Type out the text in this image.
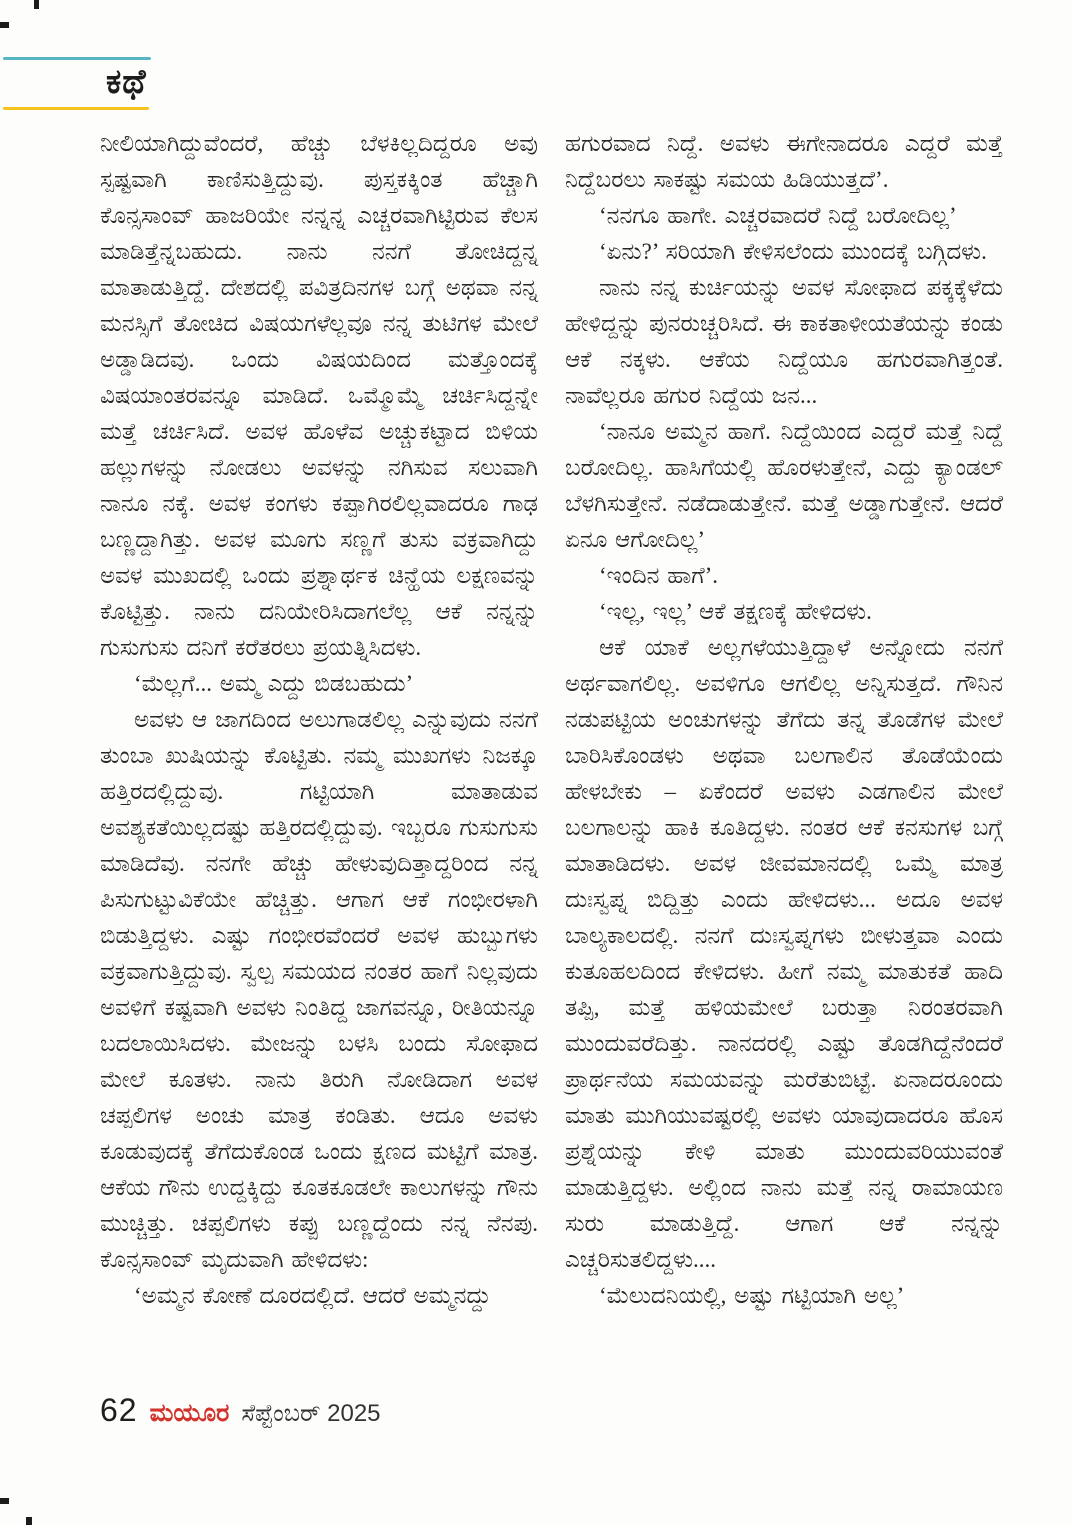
ಕಥೆ

ನೀಲಿಯಾಗಿದ್ದುವೆಂದರೆ, ಹೆಚ್ಚು ಬೆಳಕಿಲ್ಲದಿದ್ದರೂ ಅವು ಸ್ಪಷ್ಟವಾಗಿ ಕಾಣಿಸುತ್ತಿದ್ದುವು. ಪುಸ್ತಕಕ್ಕಿಂತ ಹೆಚ್ಚಾಗಿ ಕೊನ್ಸಸಾಂವ್ ಹಾಜರಿಯೇ ನನ್ನನ್ನ ಎಚ್ಚರವಾಗಿಟ್ಟಿರುವ ಕೆಲಸ ಮಾಡಿತ್ತೆನ್ನಬಹುದು. ನಾನು ನನಗೆ ತೋಚಿದ್ದನ್ನ ಮಾತಾಡುತ್ತಿದ್ದೆ. ದೇಶದಲ್ಲಿ ಪವಿತ್ರದಿನಗಳ ಬಗ್ಗೆ ಅಥವಾ ನನ್ನ ಮನಸ್ಸಿಗೆ ತೋಚಿದ ವಿಷಯಗಳೆಲ್ಲವೂ ನನ್ನ ತುಟಿಗಳ ಮೇಲೆ ಅಡ್ಡಾಡಿದವು. ಒಂದು ವಿಷಯದಿಂದ ಮತ್ತೊಂದಕ್ಕೆ ವಿಷಯಾಂತರವನ್ನೂ ಮಾಡಿದೆ. ಒಮ್ಮೊಮ್ಮೆ ಚರ್ಚಿಸಿದ್ದನ್ನೇ ಮತ್ತೆ ಚರ್ಚಿಸಿದೆ. ಅವಳ ಹೊಳೆವ ಅಚ್ಚುಕಟ್ಟಾದ ಬಿಳಿಯ ಹಲ್ಲುಗಳನ್ನು ನೋಡಲು ಅವಳನ್ನು ನಗಿಸುವ ಸಲುವಾಗಿ ನಾನೂ ನಕ್ಕೆ. ಅವಳ ಕಂಗಳು ಕಪ್ಪಾಗಿರಲಿಲ್ಲವಾದರೂ ಗಾಢ ಬಣ್ಣದ್ದಾಗಿತ್ತು. ಅವಳ ಮೂಗು ಸಣ್ಣಗೆ ತುಸು ವಕ್ರವಾಗಿದ್ದು ಅವಳ ಮುಖದಲ್ಲಿ ಒಂದು ಪ್ರಶ್ನಾರ್ಥಕ ಚಿನ್ಹೆಯ ಲಕ್ಷಣವನ್ನು ಕೊಟ್ಟಿತ್ತು. ನಾನು ದನಿಯೇರಿಸಿದಾಗಲೆಲ್ಲ ಆಕೆ ನನ್ನನ್ನು ಗುಸುಗುಸು ದನಿಗೆ ಕರೆತರಲು ಪ್ರಯತ್ನಿಸಿದಳು.

‘ಮೆಲ್ಲಗೆ... ಅಮ್ಮ ಎದ್ದು ಬಿಡಬಹುದು’

ಅವಳು ಆ ಜಾಗದಿಂದ ಅಲುಗಾಡಲಿಲ್ಲ ಎನ್ನುವುದು ನನಗೆ ತುಂಬಾ ಖುಷಿಯನ್ನು ಕೊಟ್ಟಿತು. ನಮ್ಮ ಮುಖಗಳು ನಿಜಕ್ಕೂ ಹತ್ತಿರದಲ್ಲಿದ್ದುವು. ಗಟ್ಟಿಯಾಗಿ ಮಾತಾಡುವ ಅವಶ್ಯಕತೆಯಿಲ್ಲದಷ್ಟು ಹತ್ತಿರದಲ್ಲಿದ್ದುವು. ಇಬ್ಬರೂ ಗುಸುಗುಸು ಮಾಡಿದೆವು. ನನಗೇ ಹೆಚ್ಚು ಹೇಳುವುದಿತ್ತಾದ್ದರಿಂದ ನನ್ನ ಪಿಸುಗುಟ್ಟುವಿಕೆಯೇ ಹೆಚ್ಚಿತ್ತು. ಆಗಾಗ ಆಕೆ ಗಂಭೀರಳಾಗಿ ಬಿಡುತ್ತಿದ್ದಳು. ಎಷ್ಟು ಗಂಭೀರವೆಂದರೆ ಅವಳ ಹುಬ್ಬುಗಳು ವಕ್ರವಾಗುತ್ತಿದ್ದುವು. ಸ್ವಲ್ಪ ಸಮಯದ ನಂತರ ಹಾಗೆ ನಿಲ್ಲವುದು ಅವಳಿಗೆ ಕಷ್ಟವಾಗಿ ಅವಳು ನಿಂತಿದ್ದ ಜಾಗವನ್ನೂ, ರೀತಿಯನ್ನೂ ಬದಲಾಯಿಸಿದಳು. ಮೇಜನ್ನು ಬಳಸಿ ಬಂದು ಸೋಫಾದ ಮೇಲೆ ಕೂತಳು. ನಾನು ತಿರುಗಿ ನೋಡಿದಾಗ ಅವಳ ಚಪ್ಪಲಿಗಳ ಅಂಚು ಮಾತ್ರ ಕಂಡಿತು. ಆದೂ ಅವಳು ಕೂಡುವುದಕ್ಕೆ ತೆಗೆದುಕೊಂಡ ಒಂದು ಕ್ಷಣದ ಮಟ್ಟಿಗೆ ಮಾತ್ರ. ಆಕೆಯ ಗೌನು ಉದ್ದಕ್ಕಿದ್ದು ಕೂತಕೂಡಲೇ ಕಾಲುಗಳನ್ನು ಗೌನು ಮುಚ್ಚಿತ್ತು. ಚಪ್ಪಲಿಗಳು ಕಪ್ಪು ಬಣ್ಣದ್ದೆಂದು ನನ್ನ ನೆನಪು. ಕೊನ್ಸಸಾಂವ್ ಮೃದುವಾಗಿ ಹೇಳಿದಳು:

‘ಅಮ್ಮನ ಕೋಣೆ ದೂರದಲ್ಲಿದೆ. ಆದರೆ ಅಮ್ಮನದ್ದು

ಹಗುರವಾದ ನಿದ್ದೆ. ಅವಳು ಈಗೇನಾದರೂ ಎದ್ದರೆ ಮತ್ತೆ ನಿದ್ದೆಬರಲು ಸಾಕಷ್ಟು ಸಮಯ ಹಿಡಿಯುತ್ತದೆ’.

‘ನನಗೂ ಹಾಗೇ. ಎಚ್ಚರವಾದರೆ ನಿದ್ದೆ ಬರೋದಿಲ್ಲ’

‘ಏನು?’ ಸರಿಯಾಗಿ ಕೇಳಿಸಲೆಂದು ಮುಂದಕ್ಕೆ ಬಗ್ಗಿದಳು.

ನಾನು ನನ್ನ ಕುರ್ಚಿಯನ್ನು ಅವಳ ಸೋಫಾದ ಪಕ್ಕಕ್ಕೆಳೆದು ಹೇಳಿದ್ದನ್ನು ಪುನರುಚ್ಚರಿಸಿದೆ. ಈ ಕಾಕತಾಳೀಯತೆಯನ್ನು ಕಂಡು ಆಕೆ ನಕ್ಕಳು. ಆಕೆಯ ನಿದ್ದೆಯೂ ಹಗುರವಾಗಿತ್ತಂತೆ. ನಾವೆಲ್ಲರೂ ಹಗುರ ನಿದ್ದೆಯ ಜನ...

‘ನಾನೂ ಅಮ್ಮನ ಹಾಗೆ. ನಿದ್ದೆಯಿಂದ ಎದ್ದರೆ ಮತ್ತೆ ನಿದ್ದೆ ಬರೋದಿಲ್ಲ. ಹಾಸಿಗೆಯಲ್ಲಿ ಹೊರಳುತ್ತೇನೆ, ಎದ್ದು ಕ್ಯಾಂಡಲ್ ಬೆಳಗಿಸುತ್ತೇನೆ. ನಡೆದಾಡುತ್ತೇನೆ. ಮತ್ತೆ ಅಡ್ಡಾಗುತ್ತೇನೆ. ಆದರೆ ಏನೂ ಆಗೋದಿಲ್ಲ’

‘ಇಂದಿನ ಹಾಗೆ’.

‘ಇಲ್ಲ, ಇಲ್ಲ’ ಆಕೆ ತಕ್ಷಣಕ್ಕೆ ಹೇಳಿದಳು.

ಆಕೆ ಯಾಕೆ ಅಲ್ಲಗಳೆಯುತ್ತಿದ್ದಾಳೆ ಅನ್ನೋದು ನನಗೆ ಅರ್ಥವಾಗಲಿಲ್ಲ. ಅವಳಿಗೂ ಆಗಲಿಲ್ಲ ಅನ್ನಿಸುತ್ತದೆ. ಗೌನಿನ ನಡುಪಟ್ಟಿಯ ಅಂಚುಗಳನ್ನು ತೆಗೆದು ತನ್ನ ತೊಡೆಗಳ ಮೇಲೆ ಬಾರಿಸಿಕೊಂಡಳು ಅಥವಾ ಬಲಗಾಲಿನ ತೊಡೆಯೆಂದು ಹೇಳಬೇಕು – ಏಕೆಂದರೆ ಅವಳು ಎಡಗಾಲಿನ ಮೇಲೆ ಬಲಗಾಲನ್ನು ಹಾಕಿ ಕೂತಿದ್ದಳು. ನಂತರ ಆಕೆ ಕನಸುಗಳ ಬಗ್ಗೆ ಮಾತಾಡಿದಳು. ಅವಳ ಜೀವಮಾನದಲ್ಲಿ ಒಮ್ಮೆ ಮಾತ್ರ ದುಃಸ್ವಪ್ನ ಬಿದ್ದಿತ್ತು ಎಂದು ಹೇಳಿದಳು... ಅದೂ ಅವಳ ಬಾಲ್ಯಕಾಲದಲ್ಲಿ. ನನಗೆ ದುಃಸ್ವಪ್ನಗಳು ಬೀಳುತ್ತವಾ ಎಂದು ಕುತೂಹಲದಿಂದ ಕೇಳಿದಳು. ಹೀಗೆ ನಮ್ಮ ಮಾತುಕತೆ ಹಾದಿ ತಪ್ಪಿ, ಮತ್ತೆ ಹಳಿಯಮೇಲೆ ಬರುತ್ತಾ ನಿರಂತರವಾಗಿ ಮುಂದುವರೆದಿತ್ತು. ನಾನದರಲ್ಲಿ ಎಷ್ಟು ತೊಡಗಿದ್ದೆನೆಂದರೆ ಪ್ರಾರ್ಥನೆಯ ಸಮಯವನ್ನು ಮರೆತುಬಿಟ್ಟೆ. ಏನಾದರೂಂದು ಮಾತು ಮುಗಿಯುವಷ್ಟರಲ್ಲಿ ಅವಳು ಯಾವುದಾದರೂ ಹೊಸ ಪ್ರಶ್ನೆಯನ್ನು ಕೇಳಿ ಮಾತು ಮುಂದುವರಿಯುವಂತೆ ಮಾಡುತ್ತಿದ್ದಳು. ಅಲ್ಲಿಂದ ನಾನು ಮತ್ತೆ ನನ್ನ ರಾಮಾಯಣ ಸುರು ಮಾಡುತ್ತಿದ್ದೆ. ಆಗಾಗ ಆಕೆ ನನ್ನನ್ನು ಎಚ್ಚರಿಸುತಲಿದ್ದಳು....

‘ಮೆಲುದನಿಯಲ್ಲಿ, ಅಷ್ಟು ಗಟ್ಟಿಯಾಗಿ ಅಲ್ಲ’

62 ಮಯೂರ ಸೆಪ್ಟೆಂಬರ್ 2025
